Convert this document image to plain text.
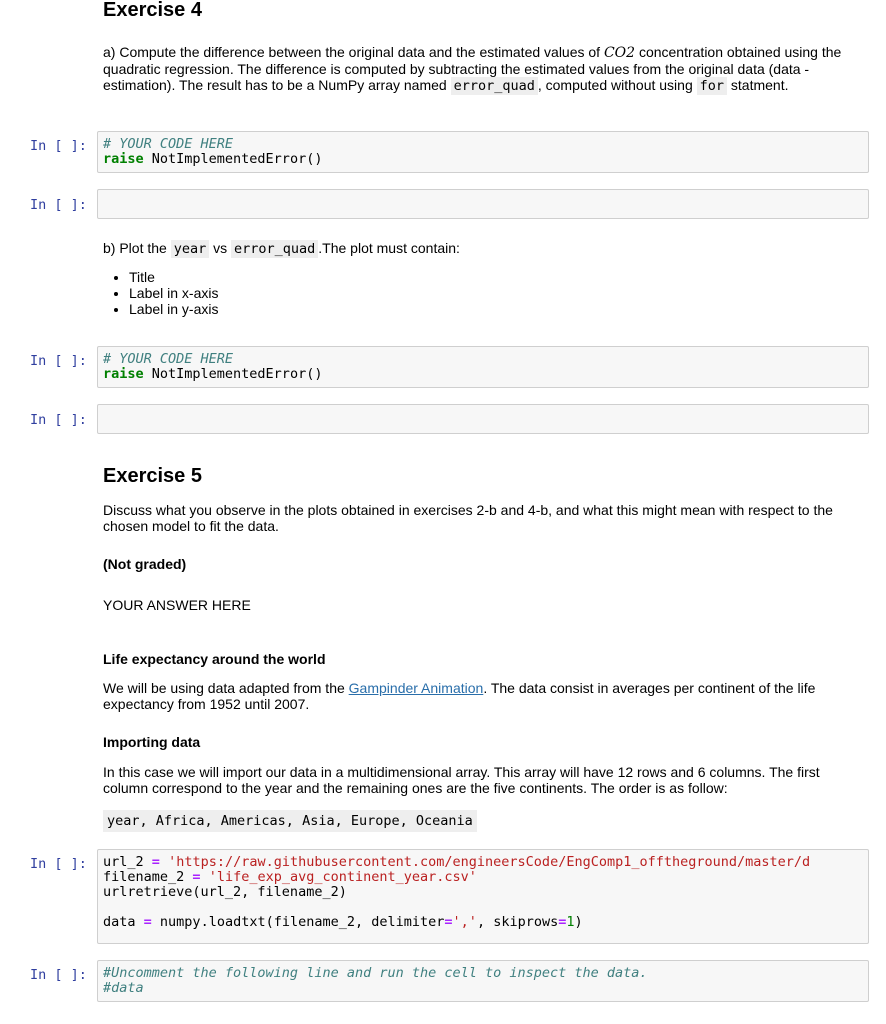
Exercise 4
a) Compute the difference between the original data and the estimated values of CO2 concentration obtained using the quadratic regression. The difference is computed by subtracting the estimated values from the original data (data - estimation). The result has to be a NumPy array named error_quad , computed without using for statment.
In [ ]:	# YOUR CODE HERE
raise NotImplementedError()
In [ ]:
b) Plot the year vs error_quad .The plot must contain:
• Title
• Label in x-axis
• Label in y-axis
In [ ]:	# YOUR CODE HERE
raise NotImplementedError()
In [ ]:
Exercise 5
Discuss what you observe in the plots obtained in exercises 2-b and 4-b, and what this might mean with respect to the chosen model to fit the data.
(Not graded)
YOUR ANSWER HERE
Life expectancy around the world
We will be using data adapted from the Gampinder Animation. The data consist in averages per continent of the life expectancy from 1952 until 2007.
Importing data
In this case we will import our data in a multidimensional array. This array will have 12 rows and 6 columns. The first column correspond to the year and the remaining ones are the five continents. The order is as follow:
year, Africa, Americas, Asia, Europe, Oceania
In [ ]:	url_2 = 'https://raw.githubusercontent.com/engineersCode/EngComp1_offtheground/master/d
filename_2 = 'life_exp_avg_continent_year.csv'
urlretrieve(url_2, filename_2)

data = numpy.loadtxt(filename_2, delimiter=',', skiprows=1)
In [ ]:	#Uncomment the following line and run the cell to inspect the data.
#data
